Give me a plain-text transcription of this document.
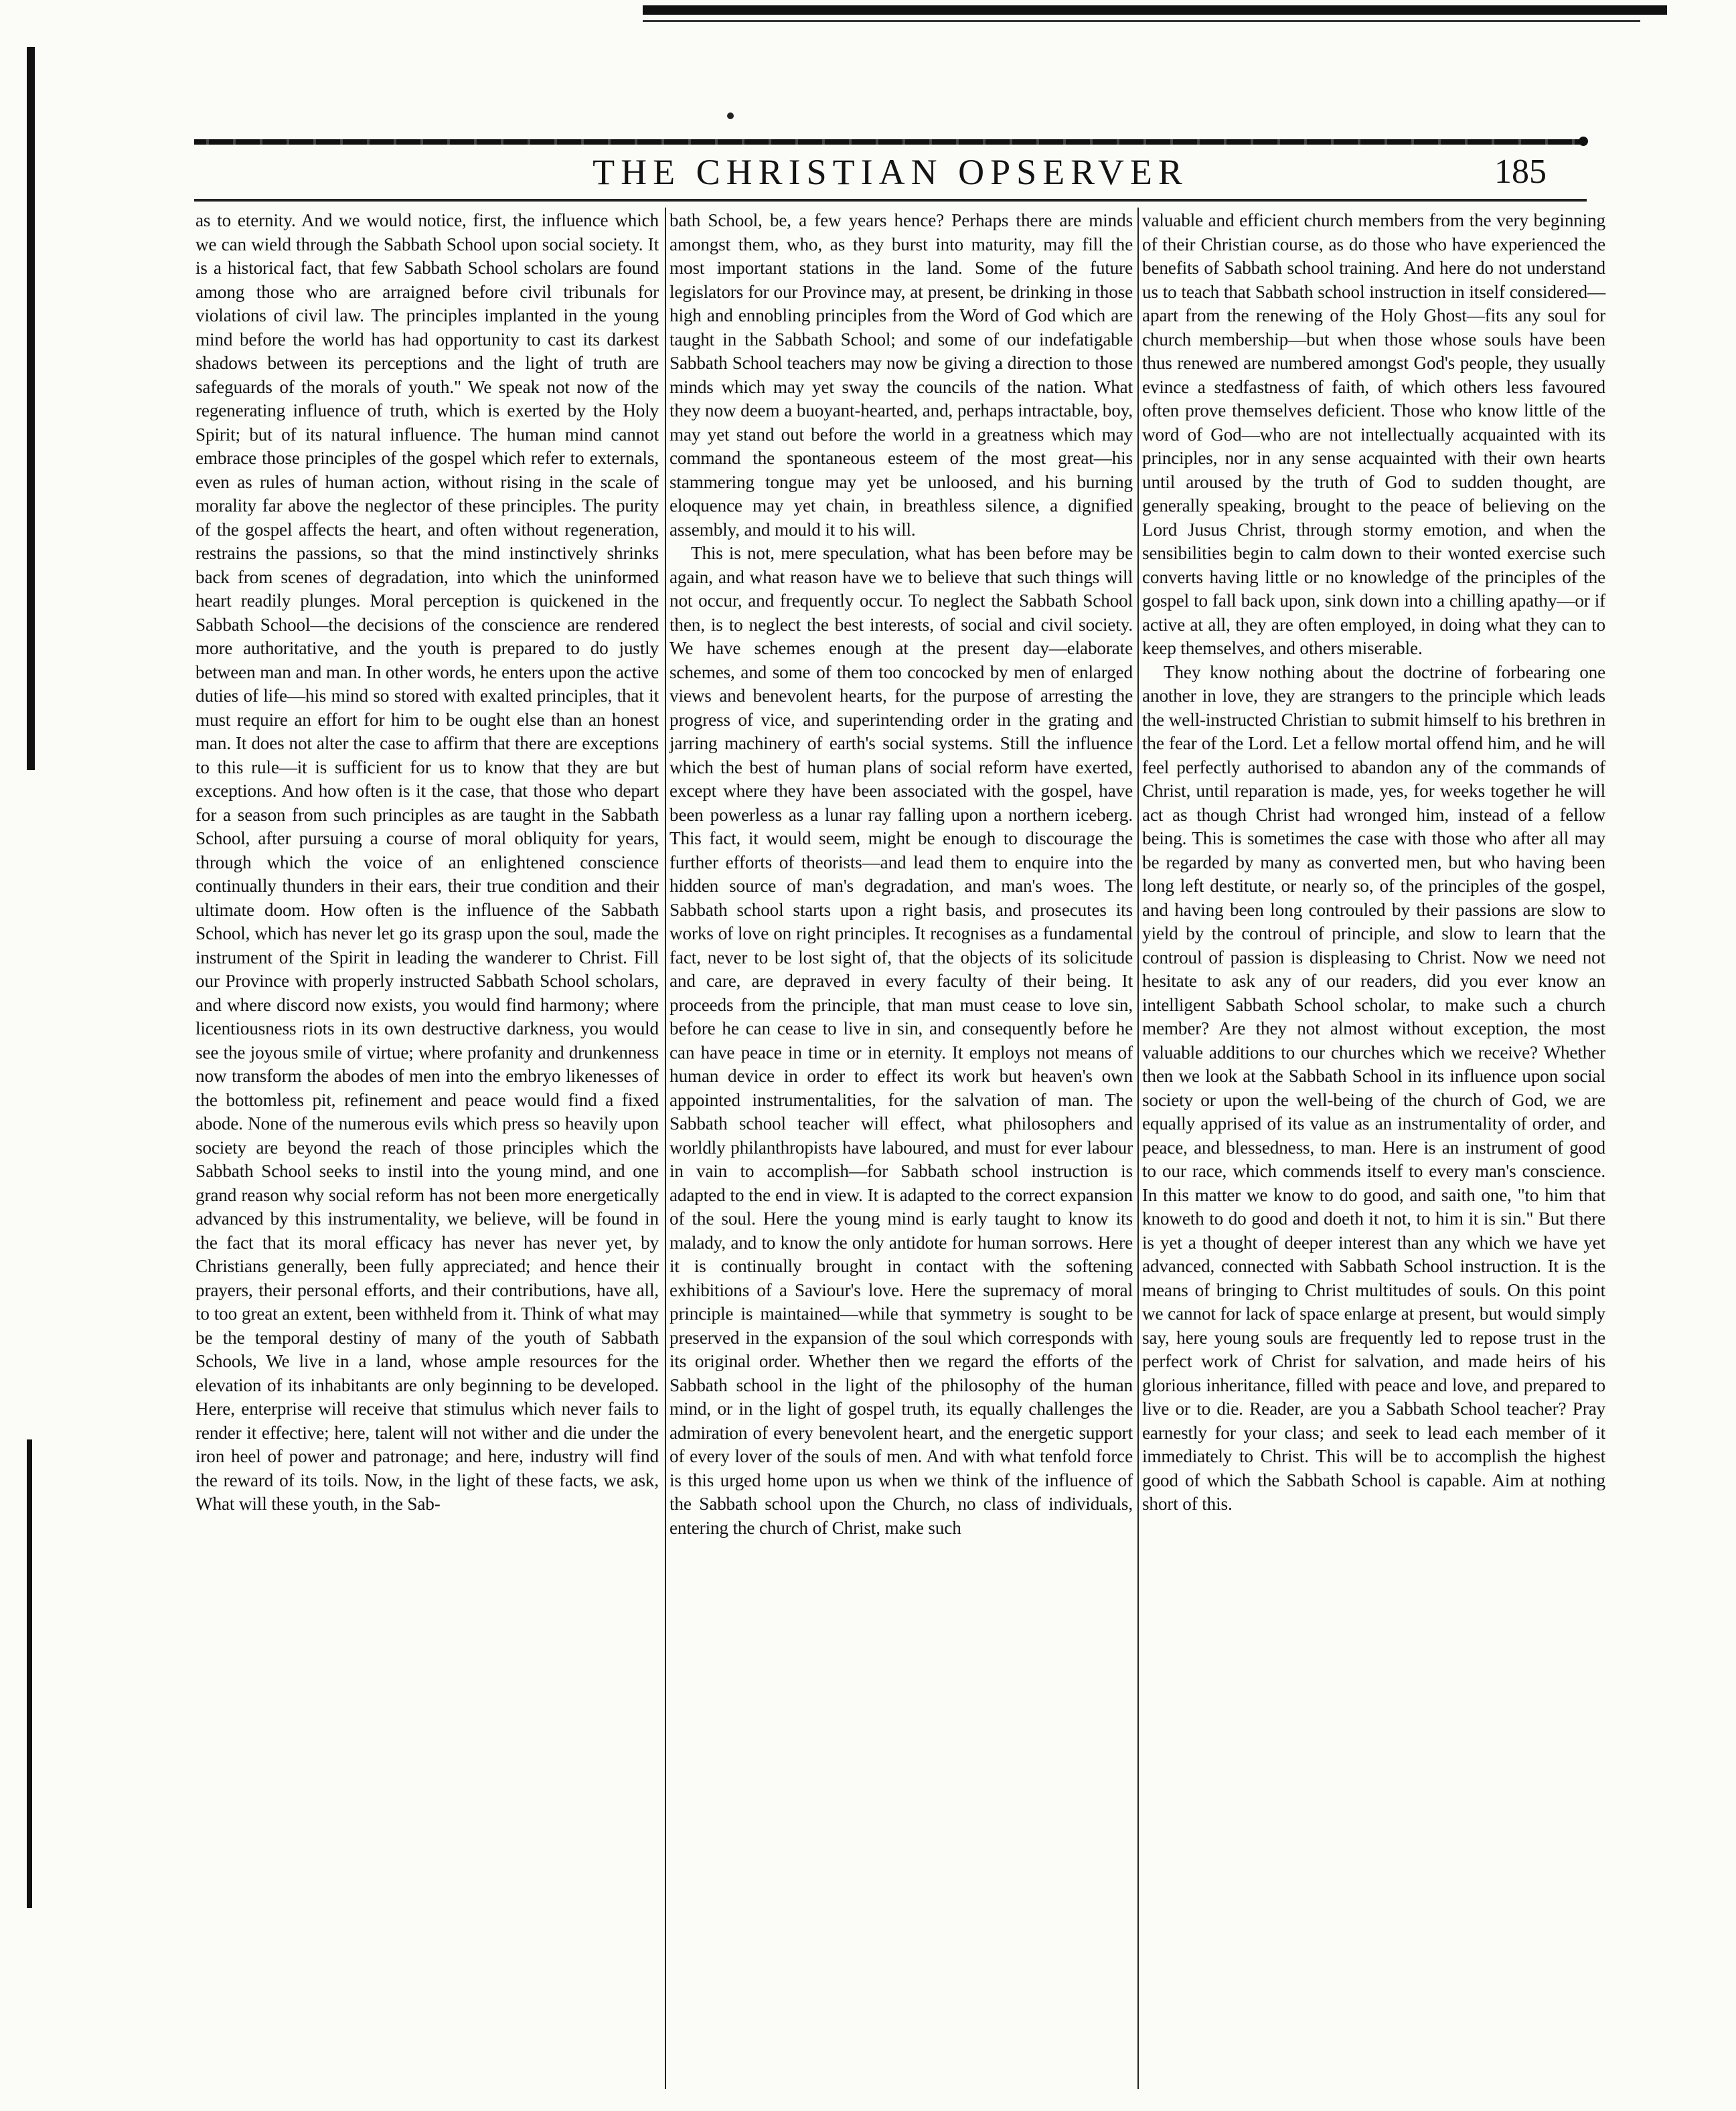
THE CHRISTIAN OPSERVER	185

as to eternity. And we would notice, first, the influence which we can wield through the Sabbath School upon social society. It is a historical fact, that few Sabbath School scholars are found among those who are arraigned before civil tribunals for violations of civil law. The principles implanted in the young mind before the world has had opportunity to cast its darkest shadows between its perceptions and the light of truth are safeguards of the morals of youth." We speak not now of the regenerating influence of truth, which is exerted by the Holy Spirit; but of its natural influence. The human mind cannot embrace those principles of the gospel which refer to externals, even as rules of human action, without rising in the scale of morality far above the neglector of these principles. The purity of the gospel affects the heart, and often without regeneration, restrains the passions, so that the mind instinctively shrinks back from scenes of degradation, into which the uninformed heart readily plunges. Moral perception is quickened in the Sabbath School—the decisions of the conscience are rendered more authoritative, and the youth is prepared to do justly between man and man. In other words, he enters upon the active duties of life—his mind so stored with exalted principles, that it must require an effort for him to be ought else than an honest man. It does not alter the case to affirm that there are exceptions to this rule—it is sufficient for us to know that they are but exceptions. And how often is it the case, that those who depart for a season from such principles as are taught in the Sabbath School, after pursuing a course of moral obliquity for years, through which the voice of an enlightened conscience continually thunders in their ears, their true condition and their ultimate doom. How often is the influence of the Sabbath School, which has never let go its grasp upon the soul, made the instrument of the Spirit in leading the wanderer to Christ. Fill our Province with properly instructed Sabbath School scholars, and where discord now exists, you would find harmony; where licentiousness riots in its own destructive darkness, you would see the joyous smile of virtue; where profanity and drunkenness now transform the abodes of men into the embryo likenesses of the bottomless pit, refinement and peace would find a fixed abode. None of the numerous evils which press so heavily upon society are beyond the reach of those principles which the Sabbath School seeks to instil into the young mind, and one grand reason why social reform has not been more energetically advanced by this instrumentality, we believe, will be found in the fact that its moral efficacy has never has never yet, by Christians generally, been fully appreciated; and hence their prayers, their personal efforts, and their contributions, have all, to too great an extent, been withheld from it. Think of what may be the temporal destiny of many of the youth of Sabbath Schools, We live in a land, whose ample resources for the elevation of its inhabitants are only beginning to be developed. Here, enterprise will receive that stimulus which never fails to render it effective; here, talent will not wither and die under the iron heel of power and patronage; and here, industry will find the reward of its toils. Now, in the light of these facts, we ask, What will these youth, in the Sab-

bath School, be, a few years hence? Perhaps there are minds amongst them, who, as they burst into maturity, may fill the most important stations in the land. Some of the future legislators for our Province may, at present, be drinking in those high and ennobling principles from the Word of God which are taught in the Sabbath School; and some of our indefatigable Sabbath School teachers may now be giving a direction to those minds which may yet sway the councils of the nation. What they now deem a buoyant-hearted, and, perhaps intractable, boy, may yet stand out before the world in a greatness which may command the spontaneous esteem of the most great—his stammering tongue may yet be unloosed, and his burning eloquence may yet chain, in breathless silence, a dignified assembly, and mould it to his will.

This is not, mere speculation, what has been before may be again, and what reason have we to believe that such things will not occur, and frequently occur. To neglect the Sabbath School then, is to neglect the best interests, of social and civil society. We have schemes enough at the present day—elaborate schemes, and some of them too concocked by men of enlarged views and benevolent hearts, for the purpose of arresting the progress of vice, and superintending order in the grating and jarring machinery of earth's social systems. Still the influence which the best of human plans of social reform have exerted, except where they have been associated with the gospel, have been powerless as a lunar ray falling upon a northern iceberg. This fact, it would seem, might be enough to discourage the further efforts of theorists—and lead them to enquire into the hidden source of man's degradation, and man's woes. The Sabbath school starts upon a right basis, and prosecutes its works of love on right principles. It recognises as a fundamental fact, never to be lost sight of, that the objects of its solicitude and care, are depraved in every faculty of their being. It proceeds from the principle, that man must cease to love sin, before he can cease to live in sin, and consequently before he can have peace in time or in eternity. It employs not means of human device in order to effect its work but heaven's own appointed instrumentalities, for the salvation of man. The Sabbath school teacher will effect, what philosophers and worldly philanthropists have laboured, and must for ever labour in vain to accomplish—for Sabbath school instruction is adapted to the end in view. It is adapted to the correct expansion of the soul. Here the young mind is early taught to know its malady, and to know the only antidote for human sorrows. Here it is continually brought in contact with the softening exhibitions of a Saviour's love. Here the supremacy of moral principle is maintained—while that symmetry is sought to be preserved in the expansion of the soul which corresponds with its original order. Whether then we regard the efforts of the Sabbath school in the light of the philosophy of the human mind, or in the light of gospel truth, its equally challenges the admiration of every benevolent heart, and the energetic support of every lover of the souls of men. And with what tenfold force is this urged home upon us when we think of the influence of the Sabbath school upon the Church, no class of individuals, entering the church of Christ, make such

valuable and efficient church members from the very beginning of their Christian course, as do those who have experienced the benefits of Sabbath school training. And here do not understand us to teach that Sabbath school instruction in itself considered—apart from the renewing of the Holy Ghost—fits any soul for church membership—but when those whose souls have been thus renewed are numbered amongst God's people, they usually evince a stedfastness of faith, of which others less favoured often prove themselves deficient. Those who know little of the word of God—who are not intellectually acquainted with its principles, nor in any sense acquainted with their own hearts until aroused by the truth of God to sudden thought, are generally speaking, brought to the peace of believing on the Lord Jusus Christ, through stormy emotion, and when the sensibilities begin to calm down to their wonted exercise such converts having little or no knowledge of the principles of the gospel to fall back upon, sink down into a chilling apathy—or if active at all, they are often employed, in doing what they can to keep themselves, and others miserable.

They know nothing about the doctrine of forbearing one another in love, they are strangers to the principle which leads the well-instructed Christian to submit himself to his brethren in the fear of the Lord. Let a fellow mortal offend him, and he will feel perfectly authorised to abandon any of the commands of Christ, until reparation is made, yes, for weeks together he will act as though Christ had wronged him, instead of a fellow being. This is sometimes the case with those who after all may be regarded by many as converted men, but who having been long left destitute, or nearly so, of the principles of the gospel, and having been long controuled by their passions are slow to yield by the controul of principle, and slow to learn that the controul of passion is displeasing to Christ. Now we need not hesitate to ask any of our readers, did you ever know an intelligent Sabbath School scholar, to make such a church member? Are they not almost without exception, the most valuable additions to our churches which we receive? Whether then we look at the Sabbath School in its influence upon social society or upon the well-being of the church of God, we are equally apprised of its value as an instrumentality of order, and peace, and blessedness, to man. Here is an instrument of good to our race, which commends itself to every man's conscience. In this matter we know to do good, and saith one, "to him that knoweth to do good and doeth it not, to him it is sin." But there is yet a thought of deeper interest than any which we have yet advanced, connected with Sabbath School instruction. It is the means of bringing to Christ multitudes of souls. On this point we cannot for lack of space enlarge at present, but would simply say, here young souls are frequently led to repose trust in the perfect work of Christ for salvation, and made heirs of his glorious inheritance, filled with peace and love, and prepared to live or to die. Reader, are you a Sabbath School teacher? Pray earnestly for your class; and seek to lead each member of it immediately to Christ. This will be to accomplish the highest good of which the Sabbath School is capable. Aim at nothing short of this.
